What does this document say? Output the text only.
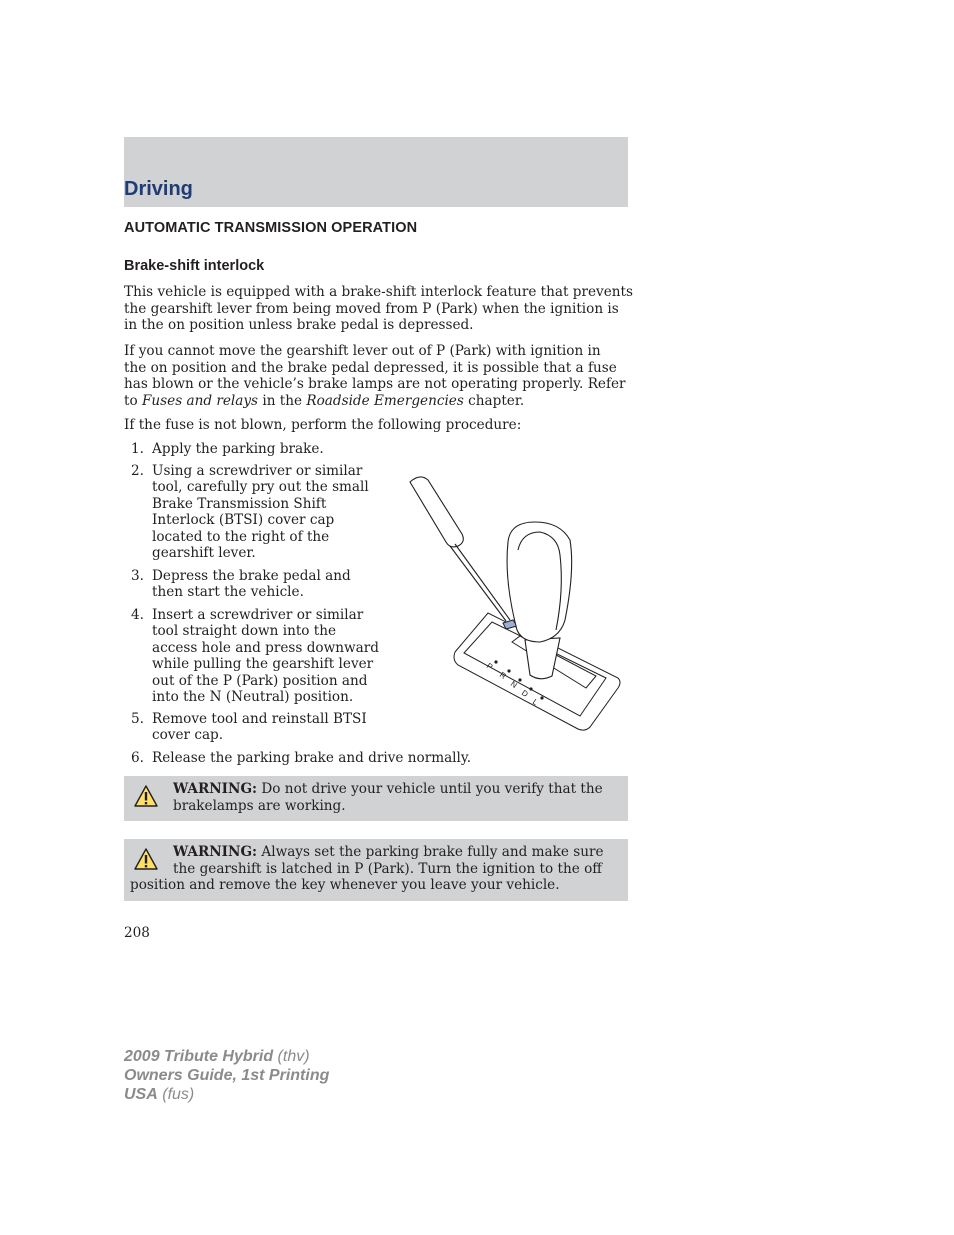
Driving
AUTOMATIC TRANSMISSION OPERATION
Brake-shift interlock
This vehicle is equipped with a brake-shift interlock feature that prevents
the gearshift lever from being moved from P (Park) when the ignition is
in the on position unless brake pedal is depressed.
If you cannot move the gearshift lever out of P (Park) with ignition in
the on position and the brake pedal depressed, it is possible that a fuse
has blown or the vehicle’s brake lamps are not operating properly. Refer
to Fuses and relays in the Roadside Emergencies chapter.
If the fuse is not blown, perform the following procedure:
1. Apply the parking brake.
2. Using a screwdriver or similar
tool, carefully pry out the small
Brake Transmission Shift
Interlock (BTSI) cover cap
located to the right of the
gearshift lever.
3. Depress the brake pedal and
then start the vehicle.
4. Insert a screwdriver or similar
tool straight down into the
access hole and press downward
while pulling the gearshift lever
out of the P (Park) position and
into the N (Neutral) position.
5. Remove tool and reinstall BTSI
cover cap.
6. Release the parking brake and drive normally.
P
R
N
D
L
WARNING: Do not drive your vehicle until you verify that the
brakelamps are working.
WARNING: Always set the parking brake fully and make sure
the gearshift is latched in P (Park). Turn the ignition to the off
position and remove the key whenever you leave your vehicle.
208
2009 Tribute Hybrid (thv)
Owners Guide, 1st Printing
USA (fus)
